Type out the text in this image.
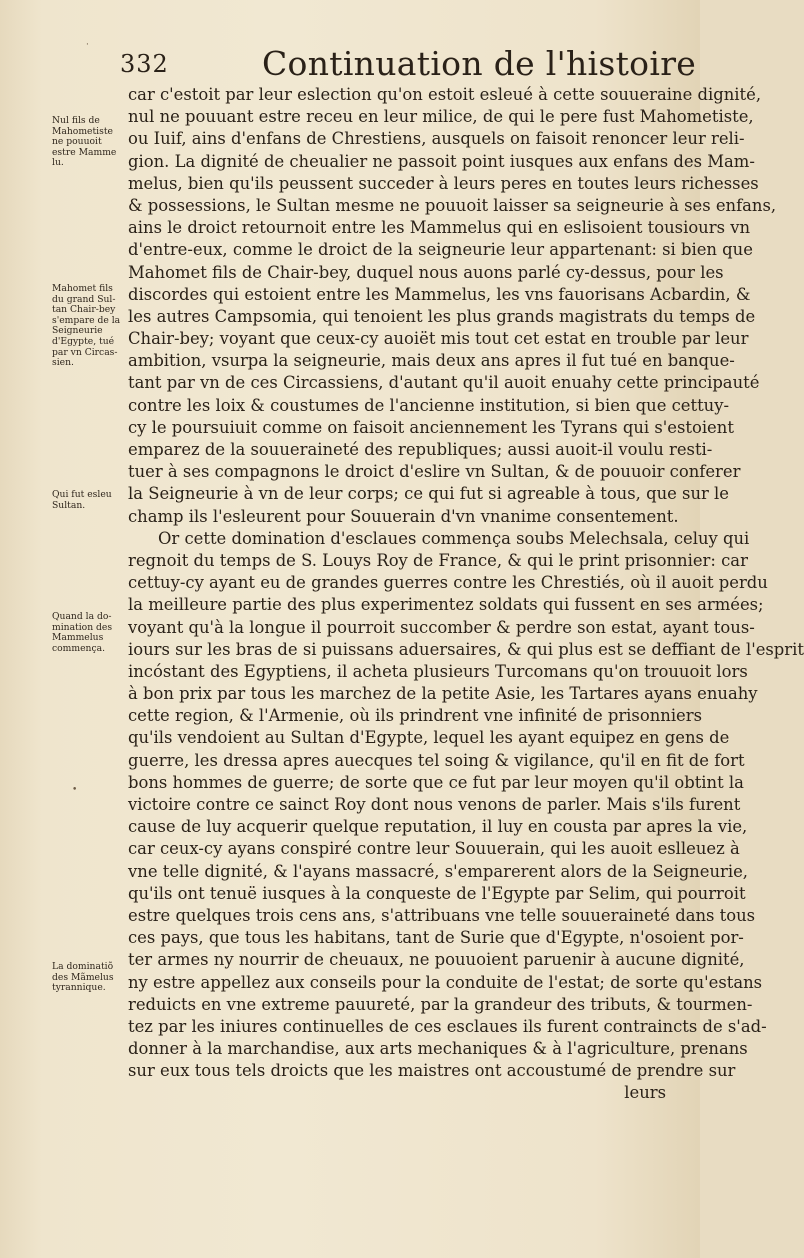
332	Continuation de l'histoire
car c'estoit par leur eslection qu'on estoit esleué à cette souueraine dignité,
nul ne pouuant estre receu en leur milice, de qui le pere fust Mahometiste,
ou Iuif, ains d'enfans de Chrestiens, ausquels on faisoit renoncer leur reli-
gion. La dignité de cheualier ne passoit point iusques aux enfans des Mam-
melus, bien qu'ils peussent succeder à leurs peres en toutes leurs richesses
& possessions, le Sultan mesme ne pouuoit laisser sa seigneurie à ses enfans,
ains le droict retournoit entre les Mammelus qui en eslisoient tousiours vn
d'entre-eux, comme le droict de la seigneurie leur appartenant: si bien que
Mahomet fils de Chair-bey, duquel nous auons parlé cy-dessus, pour les
discordes qui estoient entre les Mammelus, les vns fauorisans Acbardin, &
les autres Campsomia, qui tenoient les plus grands magistrats du temps de
Chair-bey; voyant que ceux-cy auoiët mis tout cet estat en trouble par leur
ambition, vsurpa la seigneurie, mais deux ans apres il fut tué en banque-
tant par vn de ces Circassiens, d'autant qu'il auoit enuahy cette principauté
contre les loix & coustumes de l'ancienne institution, si bien que cettuy-
cy le poursuiuit comme on faisoit anciennement les Tyrans qui s'estoient
emparez de la souueraineté des republiques; aussi auoit-il voulu resti-
tuer à ses compagnons le droict d'eslire vn Sultan, & de pouuoir conferer
la Seigneurie à vn de leur corps; ce qui fut si agreable à tous, que sur le
champ ils l'esleurent pour Souuerain d'vn vnanime consentement.
Or cette domination d'esclaues commença soubs Melechsala, celuy qui
regnoit du temps de S. Louys Roy de France, & qui le print prisonnier: car
cettuy-cy ayant eu de grandes guerres contre les Chrestiés, où il auoit perdu
la meilleure partie des plus experimentez soldats qui fussent en ses armées;
voyant qu'à la longue il pourroit succomber & perdre son estat, ayant tous-
iours sur les bras de si puissans aduersaires, & qui plus est se deffiant de l'esprit
incóstant des Egyptiens, il acheta plusieurs Turcomans qu'on trouuoit lors
à bon prix par tous les marchez de la petite Asie, les Tartares ayans enuahy
cette region, & l'Armenie, où ils prindrent vne infinité de prisonniers
qu'ils vendoient au Sultan d'Egypte, lequel les ayant equipez en gens de
guerre, les dressa apres auecques tel soing & vigilance, qu'il en fit de fort
bons hommes de guerre; de sorte que ce fut par leur moyen qu'il obtint la
victoire contre ce sainct Roy dont nous venons de parler. Mais s'ils furent
cause de luy acquerir quelque reputation, il luy en cousta par apres la vie,
car ceux-cy ayans conspiré contre leur Souuerain, qui les auoit eslleuez à
vne telle dignité, & l'ayans massacré, s'emparerent alors de la Seigneurie,
qu'ils ont tenuë iusques à la conqueste de l'Egypte par Selim, qui pourroit
estre quelques trois cens ans, s'attribuans vne telle souueraineté dans tous
ces pays, que tous les habitans, tant de Surie que d'Egypte, n'osoient por-
ter armes ny nourrir de cheuaux, ne pouuoient paruenir à aucune dignité,
ny estre appellez aux conseils pour la conduite de l'estat; de sorte qu'estans
reduicts en vne extreme pauureté, par la grandeur des tributs, & tourmen-
tez par les iniures continuelles de ces esclaues ils furent contraincts de s'ad-
donner à la marchandise, aux arts mechaniques & à l'agriculture, prenans
sur eux tous tels droicts que les maistres ont accoustumé de prendre sur
leurs
Nul fils de
Mahometiste
ne pouuoit
estre Mamme
lu.
Mahomet fils
du grand Sul-
tan Chair-bey
s'empare de la
Seigneurie
d'Egypte, tué
par vn Circas-
sien.
Qui fut esleu
Sultan.
Quand la do-
mination des
Mammelus
commença.
La dominatiõ
des Mãmelus
tyrannique.
•
·
